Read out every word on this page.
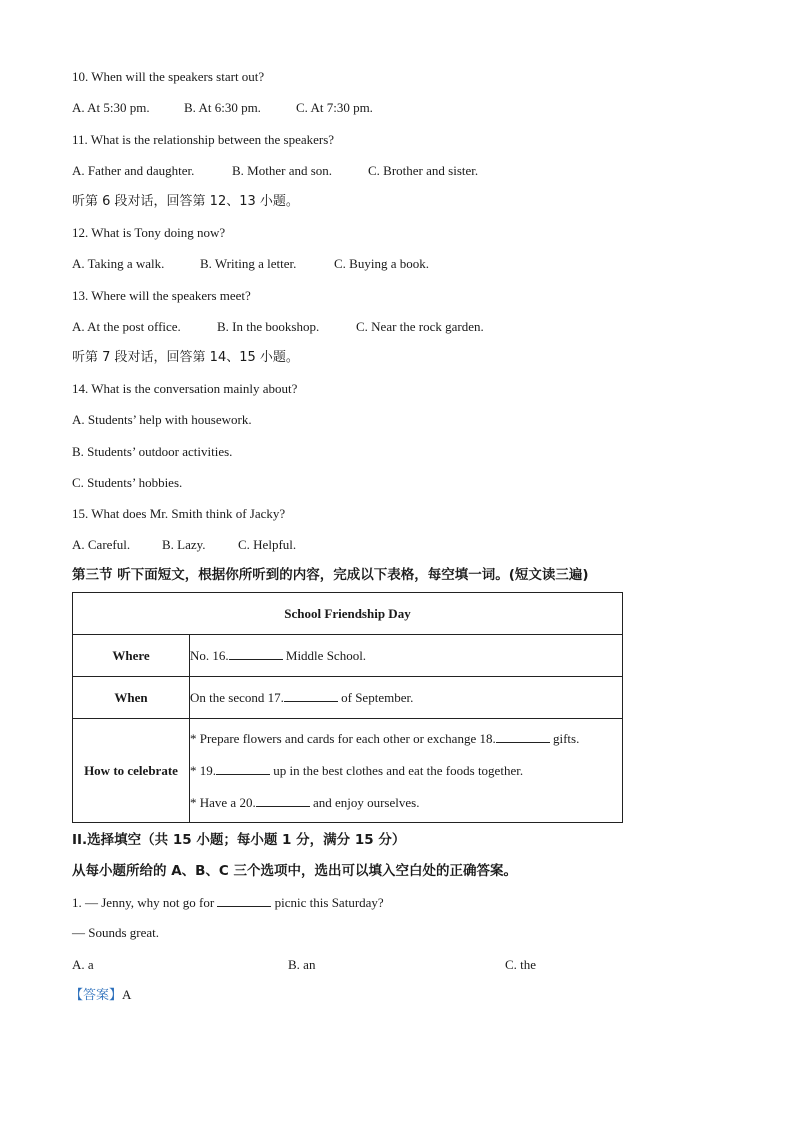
10. When will the speakers start out?
A. At 5:30 pm.	B. At 6:30 pm.	C. At 7:30 pm.
11. What is the relationship between the speakers?
A. Father and daughter.	B. Mother and son.	C. Brother and sister.
听第 6 段对话，回答第 12、13 小题。
12. What is Tony doing now?
A. Taking a walk.	B. Writing a letter.	C. Buying a book.
13. Where will the speakers meet?
A. At the post office.	B. In the bookshop.	C. Near the rock garden.
听第 7 段对话，回答第 14、15 小题。
14. What is the conversation mainly about?
A. Students’ help with housework.
B. Students’ outdoor activities.
C. Students’ hobbies.
15. What does Mr. Smith think of Jacky?
A. Careful. B. Lazy. C. Helpful.
第三节 听下面短文，根据你所听到的内容，完成以下表格，每空填一词。(短文读三遍)
School Friendship Day	
Where	No. 16. Middle School.
When	On the second 17. of September.
How to celebrate	* Prepare flowers and cards for each other or exchange 18. gifts.
* 19. up in the best clothes and eat the foods together.
* Have a 20. and enjoy ourselves.
II.选择填空（共 15 小题；每小题 1 分，满分 15 分）
从每小题所给的 A、B、C 三个选项中，选出可以填入空白处的正确答案。
1. — Jenny, why not go for	picnic this Saturday?
— Sounds great.
A. a	B. an	C. the
【答案】A
